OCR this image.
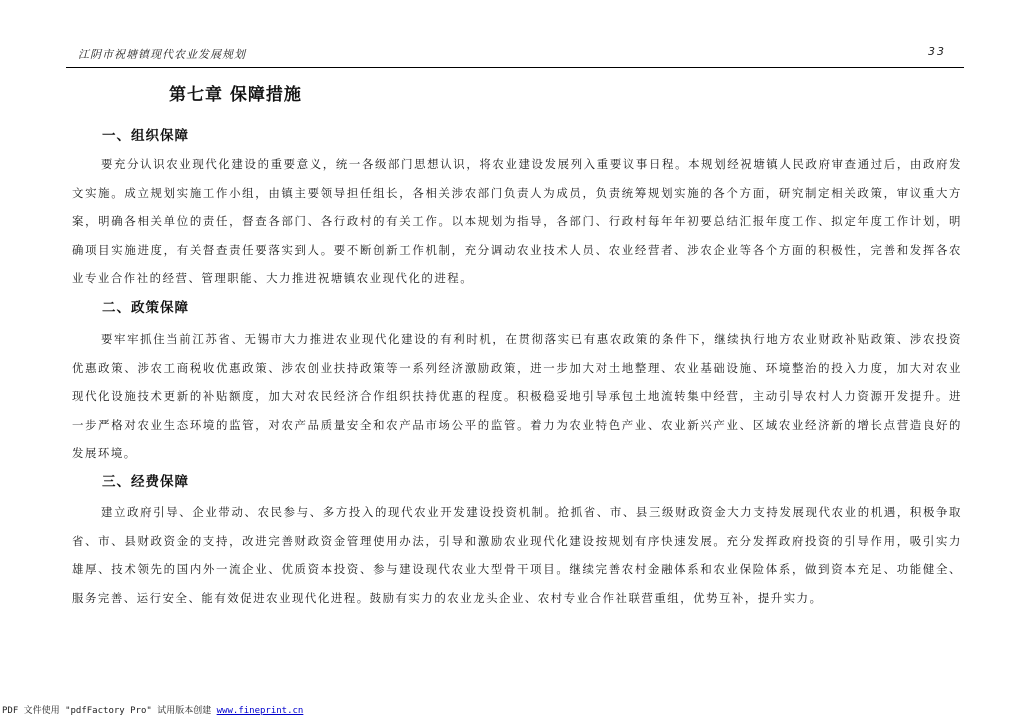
江阴市祝塘镇现代农业发展规划	33
第七章 保障措施
一、组织保障

要充分认识农业现代化建设的重要意义，统一各级部门思想认识，将农业建设发展列入重要议事日程。本规划经祝塘镇人民政府审查通过后，由政府发文实施。成立规划实施工作小组，由镇主要领导担任组长，各相关涉农部门负责人为成员，负责统筹规划实施的各个方面，研究制定相关政策，审议重大方案，明确各相关单位的责任，督查各部门、各行政村的有关工作。以本规划为指导，各部门、行政村每年年初要总结汇报年度工作、拟定年度工作计划，明确项目实施进度，有关督查责任要落实到人。要不断创新工作机制，充分调动农业技术人员、农业经营者、涉农企业等各个方面的积极性，完善和发挥各农业专业合作社的经营、管理职能、大力推进祝塘镇农业现代化的进程。

二、政策保障

要牢牢抓住当前江苏省、无锡市大力推进农业现代化建设的有利时机，在贯彻落实已有惠农政策的条件下，继续执行地方农业财政补贴政策、涉农投资优惠政策、涉农工商税收优惠政策、涉农创业扶持政策等一系列经济激励政策，进一步加大对土地整理、农业基础设施、环境整治的投入力度，加大对农业现代化设施技术更新的补贴额度，加大对农民经济合作组织扶持优惠的程度。积极稳妥地引导承包土地流转集中经营，主动引导农村人力资源开发提升。进一步严格对农业生态环境的监管，对农产品质量安全和农产品市场公平的监管。着力为农业特色产业、农业新兴产业、区域农业经济新的增长点营造良好的发展环境。

三、经费保障

建立政府引导、企业带动、农民参与、多方投入的现代农业开发建设投资机制。抢抓省、市、县三级财政资金大力支持发展现代农业的机遇，积极争取省、市、县财政资金的支持，改进完善财政资金管理使用办法，引导和激励农业现代化建设按规划有序快速发展。充分发挥政府投资的引导作用，吸引实力雄厚、技术领先的国内外一流企业、优质资本投资、参与建设现代农业大型骨干项目。继续完善农村金融体系和农业保险体系，做到资本充足、功能健全、服务完善、运行安全、能有效促进农业现代化进程。鼓励有实力的农业龙头企业、农村专业合作社联营重组，优势互补，提升实力。

PDF 文件使用 "pdfFactory Pro" 试用版本创建 www.fineprint.cn
